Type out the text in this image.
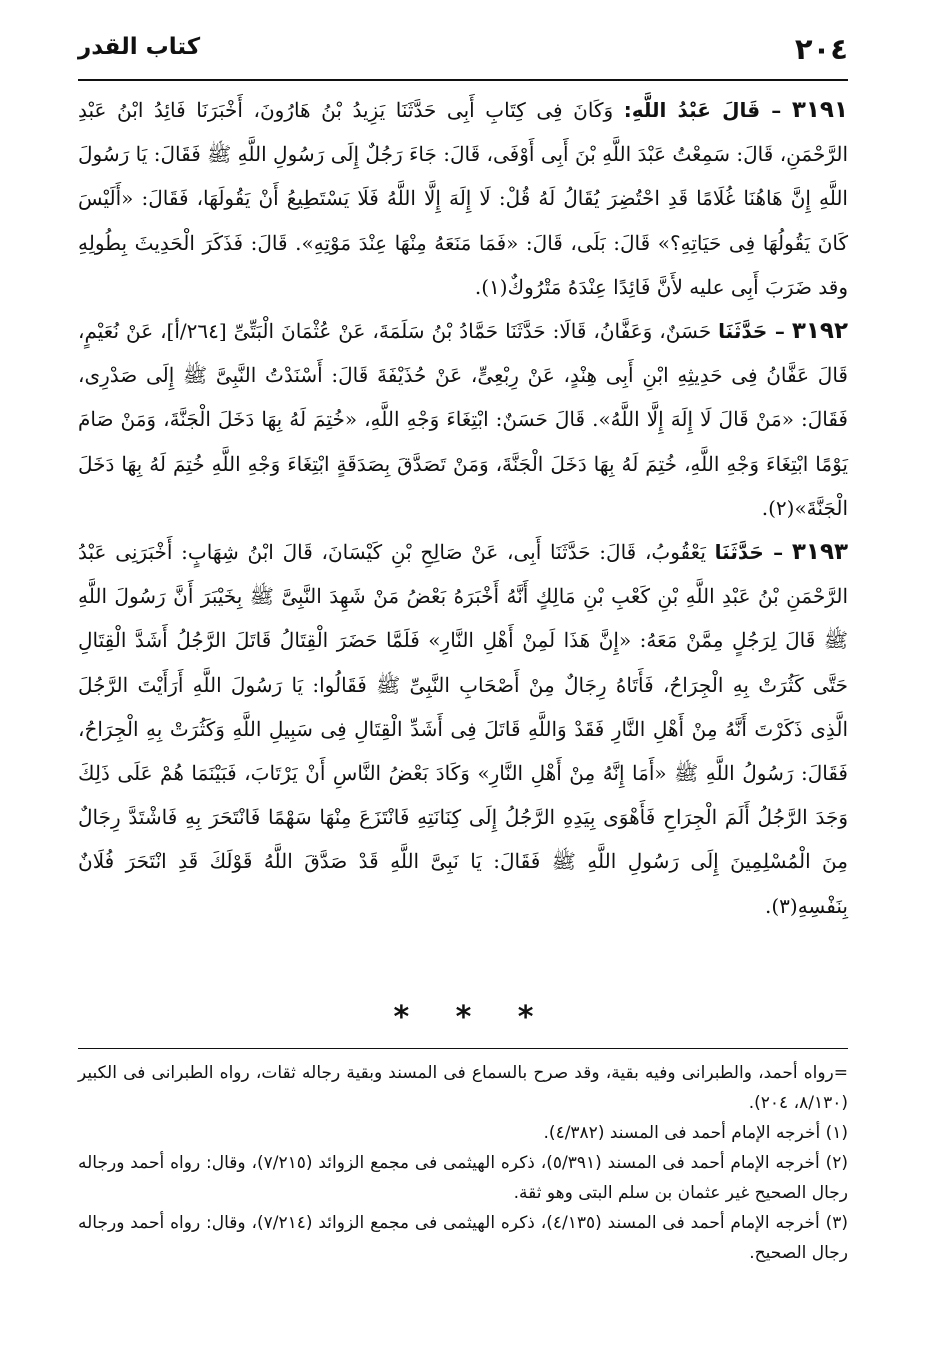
٢٠٤
كتاب القدر

٣١٩١ – قَالَ عَبْدُ اللَّهِ: وَكَانَ فِى كِتَابِ أَبِى حَدَّثَنَا يَزِيدُ بْنُ هَارُونَ، أَخْبَرَنَا فَائِدُ ابْنُ عَبْدِ الرَّحْمَنِ، قَالَ: سَمِعْتُ عَبْدَ اللَّهِ بْنَ أَبِى أَوْفَى، قَالَ: جَاءَ رَجُلٌ إِلَى رَسُولِ اللَّهِ ﷺ فَقَالَ: يَا رَسُولَ اللَّهِ إِنَّ هَاهُنَا غُلَامًا قَدِ احْتُضِرَ يُقَالُ لَهُ قُلْ: لَا إِلَهَ إِلَّا اللَّهُ فَلَا يَسْتَطِيعُ أَنْ يَقُولَهَا، فَقَالَ: «أَلَيْسَ كَانَ يَقُولُهَا فِى حَيَاتِهِ؟» قَالَ: بَلَى، قَالَ: «فَمَا مَنَعَهُ مِنْهَا عِنْدَ مَوْتِهِ». قَالَ: فَذَكَرَ الْحَدِيثَ بِطُولِهِ وقد ضَرَبَ أَبِى عليه لأَنَّ فَائِدًا عِنْدَهُ مَتْرُوكٌ(١).

٣١٩٢ – حَدَّثَنَا حَسَنٌ، وَعَفَّانُ، قَالَا: حَدَّثَنَا حَمَّادُ بْنُ سَلَمَةَ، عَنْ عُثْمَانَ الْبَتِّىِّ [٢٦٤/أ]، عَنْ نُعَيْمٍ، قَالَ عَفَّانُ فِى حَدِيثِهِ ابْنِ أَبِى هِنْدٍ، عَنْ رِبْعِىٍّ، عَنْ حُذَيْفَةَ قَالَ: أَسْنَدْتُ النَّبِىَّ ﷺ إِلَى صَدْرِى، فَقَالَ: «مَنْ قَالَ لَا إِلَهَ إِلَّا اللَّهُ». قَالَ حَسَنٌ: ابْتِغَاءَ وَجْهِ اللَّهِ، «خُتِمَ لَهُ بِهَا دَخَلَ الْجَنَّةَ، وَمَنْ صَامَ يَوْمًا ابْتِغَاءَ وَجْهِ اللَّهِ، خُتِمَ لَهُ بِهَا دَخَلَ الْجَنَّةَ، وَمَنْ تَصَدَّقَ بِصَدَقَةٍ ابْتِغَاءَ وَجْهِ اللَّهِ خُتِمَ لَهُ بِهَا دَخَلَ الْجَنَّةَ»(٢).

٣١٩٣ – حَدَّثَنَا يَعْقُوبُ، قَالَ: حَدَّثَنَا أَبِى، عَنْ صَالِحِ بْنِ كَيْسَانَ، قَالَ ابْنُ شِهَابٍ: أَخْبَرَنِى عَبْدُ الرَّحْمَنِ بْنُ عَبْدِ اللَّهِ بْنِ كَعْبِ بْنِ مَالِكٍ أَنَّهُ أَخْبَرَهُ بَعْضُ مَنْ شَهِدَ النَّبِىَّ ﷺ بِخَيْبَرَ أَنَّ رَسُولَ اللَّهِ ﷺ قَالَ لِرَجُلٍ مِمَّنْ مَعَهُ: «إِنَّ هَذَا لَمِنْ أَهْلِ النَّارِ» فَلَمَّا حَضَرَ الْقِتَالُ قَاتَلَ الرَّجُلُ أَشَدَّ الْقِتَالِ حَتَّى كَثُرَتْ بِهِ الْجِرَاحُ، فَأَتَاهُ رِجَالٌ مِنْ أَصْحَابِ النَّبِىِّ ﷺ فَقَالُوا: يَا رَسُولَ اللَّهِ أَرَأَيْتَ الرَّجُلَ الَّذِى ذَكَرْتَ أَنَّهُ مِنْ أَهْلِ النَّارِ فَقَدْ وَاللَّهِ قَاتَلَ فِى أَشَدِّ الْقِتَالِ فِى سَبِيلِ اللَّهِ وَكَثُرَتْ بِهِ الْجِرَاحُ، فَقَالَ: رَسُولُ اللَّهِ ﷺ «أَمَا إِنَّهُ مِنْ أَهْلِ النَّارِ» وَكَادَ بَعْضُ النَّاسِ أَنْ يَرْتَابَ، فَبَيْنَمَا هُمْ عَلَى ذَلِكَ وَجَدَ الرَّجُلُ أَلَمَ الْجِرَاحِ فَأَهْوَى بِيَدِهِ الرَّجُلُ إِلَى كِنَانَتِهِ فَانْتَزَعَ مِنْهَا سَهْمًا فَانْتَحَرَ بِهِ فَاشْتَدَّ رِجَالٌ مِنَ الْمُسْلِمِينَ إِلَى رَسُولِ اللَّهِ ﷺ فَقَالَ: يَا نَبِىَّ اللَّهِ قَدْ صَدَّقَ اللَّهُ قَوْلَكَ قَدِ انْتَحَرَ فُلَانٌ بِنَفْسِهِ(٣).

* * *

=رواه أحمد، والطبرانى وفيه بقية، وقد صرح بالسماع فى المسند وبقية رجاله ثقات، رواه الطبرانى فى الكبير (٨/١٣٠، ٢٠٤).

(١) أخرجه الإمام أحمد فى المسند (٤/٣٨٢).

(٢) أخرجه الإمام أحمد فى المسند (٥/٣٩١)، ذكره الهيثمى فى مجمع الزوائد (٧/٢١٥)، وقال: رواه أحمد ورجاله رجال الصحيح غير عثمان بن سلم البتى وهو ثقة.

(٣) أخرجه الإمام أحمد فى المسند (٤/١٣٥)، ذكره الهيثمى فى مجمع الزوائد (٧/٢١٤)، وقال: رواه أحمد ورجاله رجال الصحيح.
